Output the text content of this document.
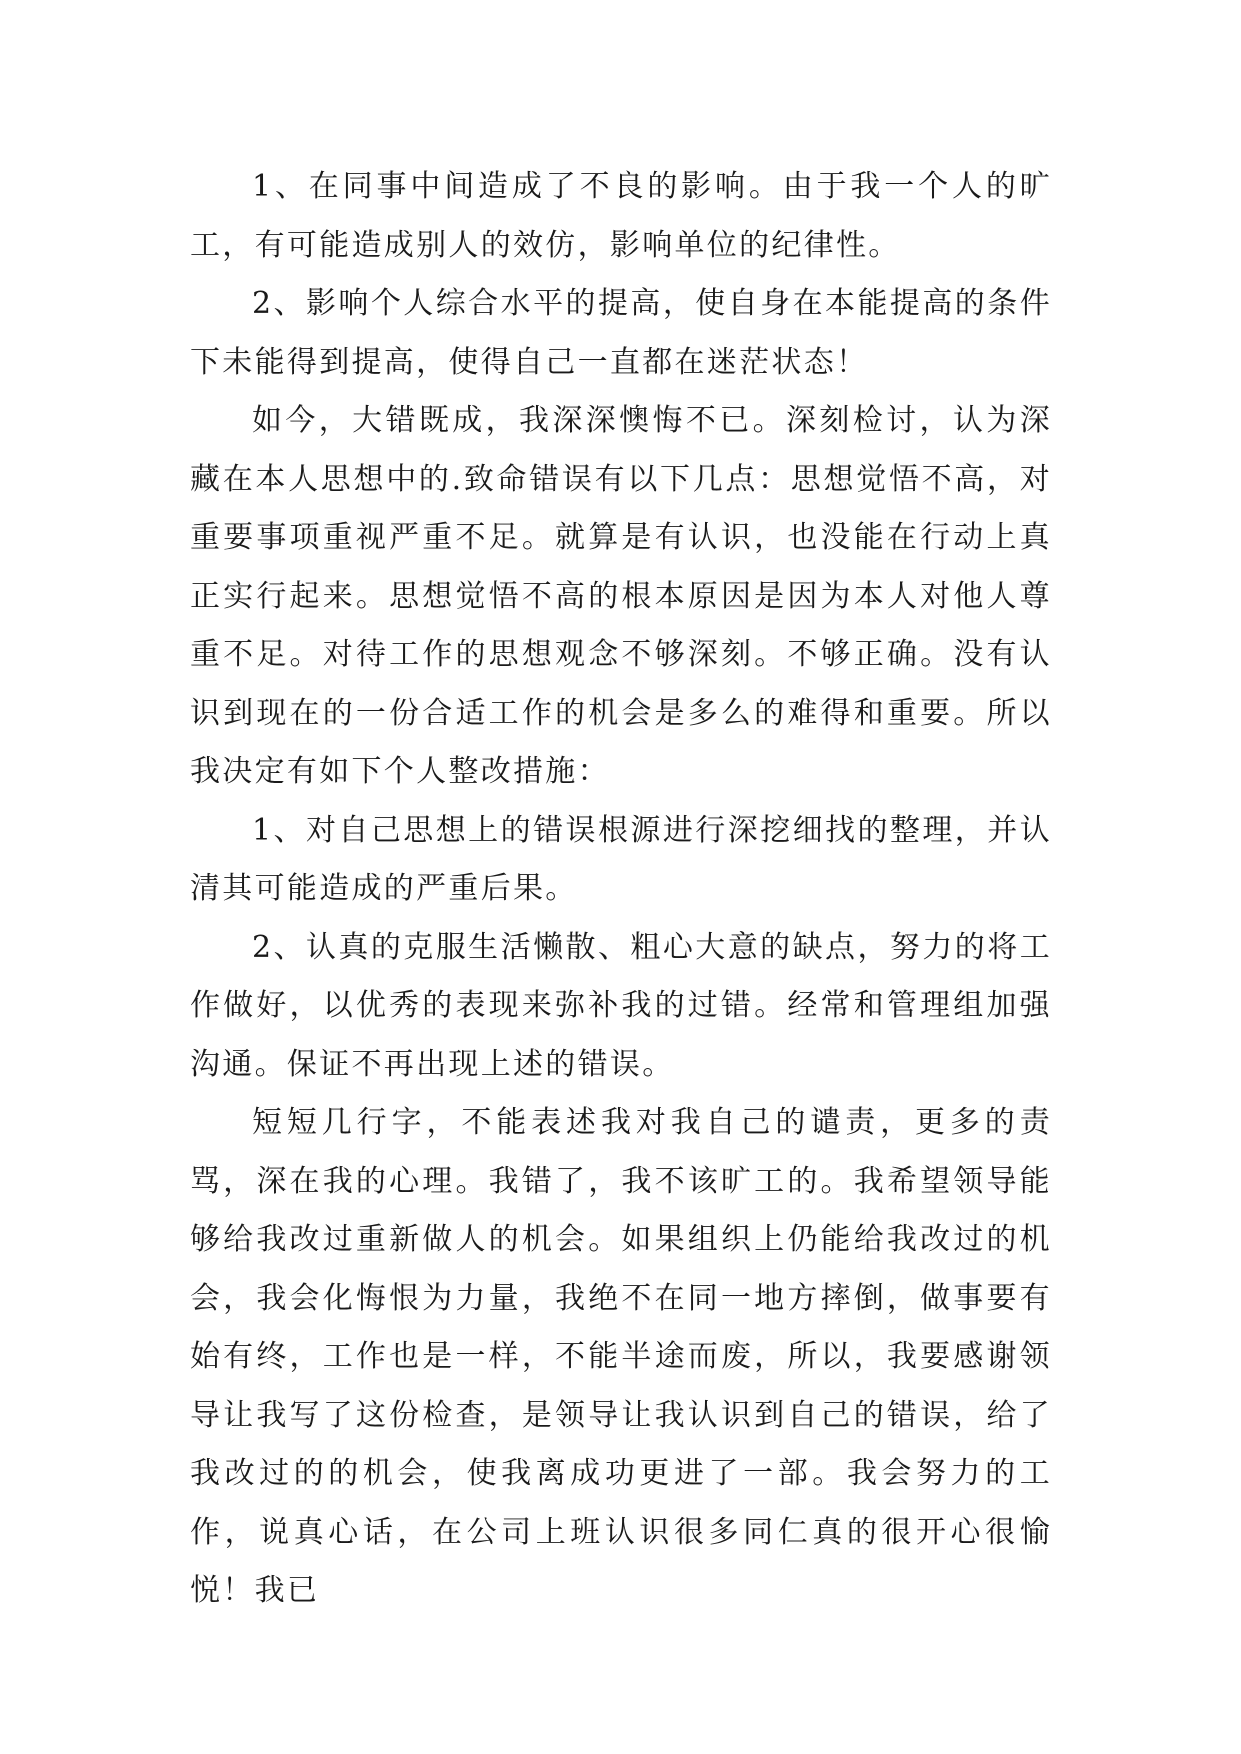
1、在同事中间造成了不良的影响。由于我一个人的旷工，有可能造成别人的效仿，影响单位的纪律性。

2、影响个人综合水平的提高，使自身在本能提高的条件下未能得到提高，使得自己一直都在迷茫状态！

如今，大错既成，我深深懊悔不已。深刻检讨，认为深藏在本人思想中的.致命错误有以下几点：思想觉悟不高，对重要事项重视严重不足。就算是有认识，也没能在行动上真正实行起来。思想觉悟不高的根本原因是因为本人对他人尊重不足。对待工作的思想观念不够深刻。不够正确。没有认识到现在的一份合适工作的机会是多么的难得和重要。所以我决定有如下个人整改措施：

1、对自己思想上的错误根源进行深挖细找的整理，并认清其可能造成的严重后果。

2、认真的克服生活懒散、粗心大意的缺点，努力的将工作做好，以优秀的表现来弥补我的过错。经常和管理组加强沟通。保证不再出现上述的错误。

短短几行字，不能表述我对我自己的谴责，更多的责骂，深在我的心理。我错了，我不该旷工的。我希望领导能够给我改过重新做人的机会。如果组织上仍能给我改过的机会，我会化悔恨为力量，我绝不在同一地方摔倒，做事要有始有终，工作也是一样，不能半途而废，所以，我要感谢领导让我写了这份检查，是领导让我认识到自己的错误，给了我改过的的机会，使我离成功更进了一部。我会努力的工作，说真心话，在公司上班认识很多同仁真的很开心很愉悦！我已
